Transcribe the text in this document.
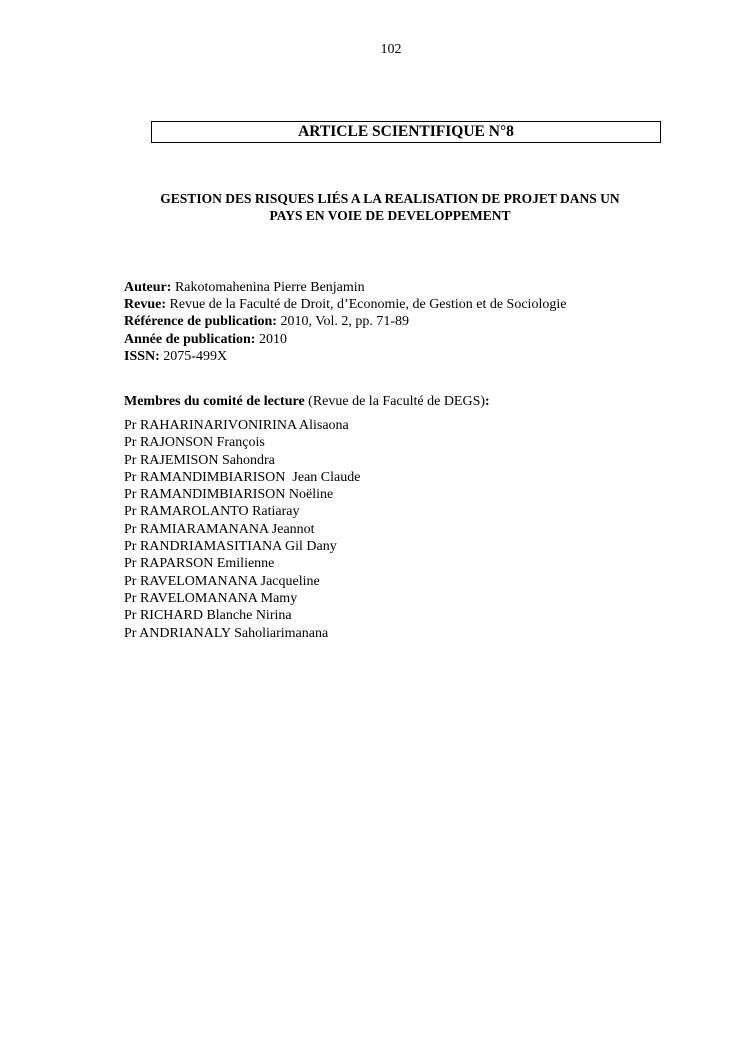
102
ARTICLE SCIENTIFIQUE N°8
GESTION DES RISQUES LIÉS A LA REALISATION DE PROJET DANS UN
PAYS EN VOIE DE DEVELOPPEMENT
Auteur: Rakotomahenina Pierre Benjamin
Revue: Revue de la Faculté de Droit, d’Economie, de Gestion et de Sociologie
Référence de publication: 2010, Vol. 2, pp. 71-89
Année de publication: 2010
ISSN: 2075-499X
Membres du comité de lecture (Revue de la Faculté de DEGS):
Pr RAHARINARIVONIRINA Alisaona
Pr RAJONSON François
Pr RAJEMISON Sahondra
Pr RAMANDIMBIARISON  Jean Claude
Pr RAMANDIMBIARISON Noëline
Pr RAMAROLANTO Ratiaray
Pr RAMIARAMANANA Jeannot
Pr RANDRIAMASITIANA Gil Dany
Pr RAPARSON Emilienne
Pr RAVELOMANANA Jacqueline
Pr RAVELOMANANA Mamy
Pr RICHARD Blanche Nirina
Pr ANDRIANALY Saholiarimanana
